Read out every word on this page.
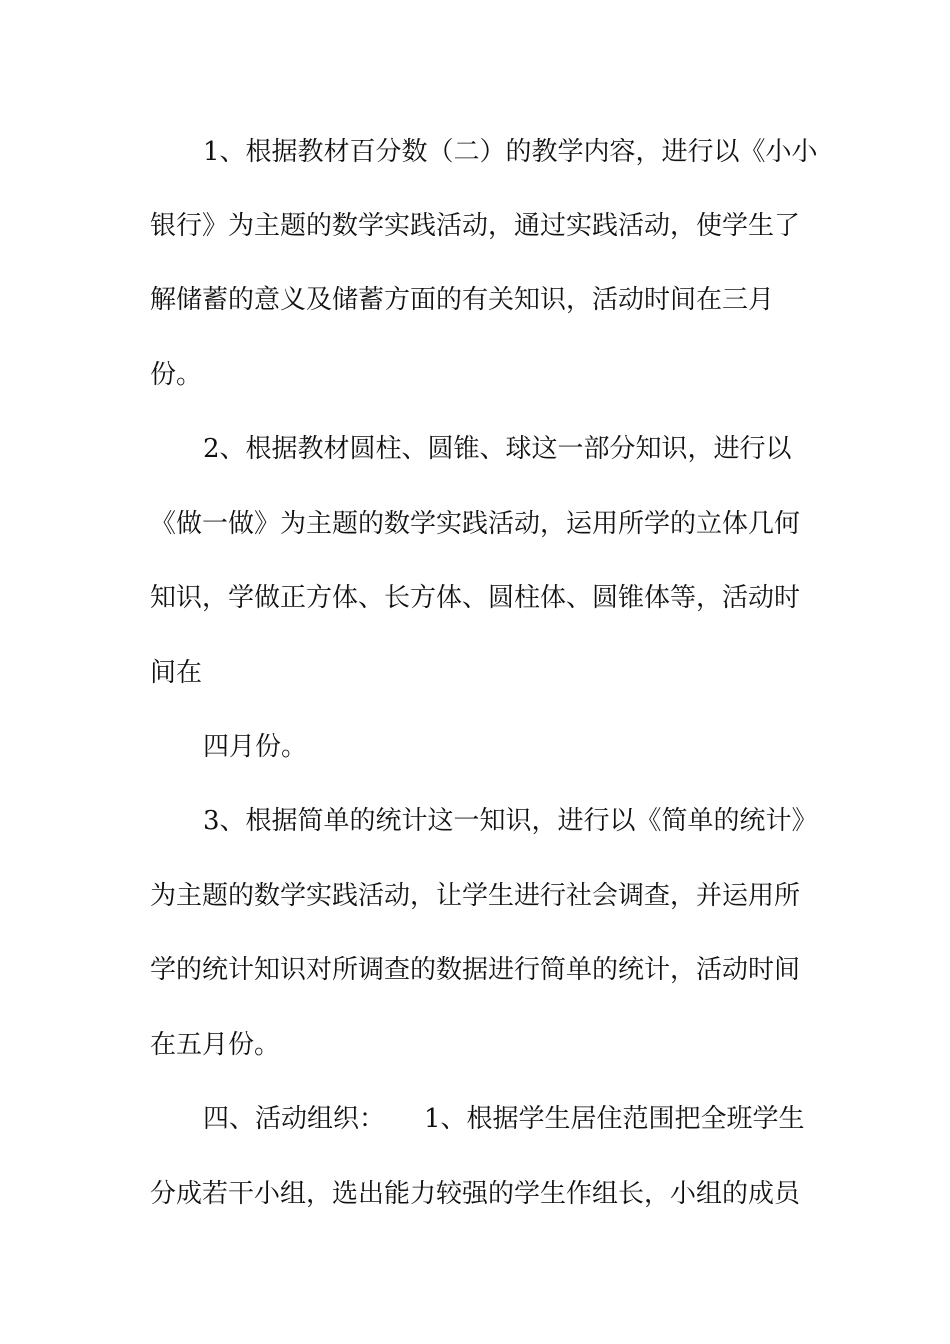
1、根据教材百分数（二）的教学内容，进行以《小小
银行》为主题的数学实践活动，通过实践活动，使学生了
解储蓄的意义及储蓄方面的有关知识，活动时间在三月
份。
2、根据教材圆柱、圆锥、球这一部分知识，进行以
《做一做》为主题的数学实践活动，运用所学的立体几何
知识，学做正方体、长方体、圆柱体、圆锥体等，活动时
间在
四月份。
3、根据简单的统计这一知识，进行以《简单的统计》
为主题的数学实践活动，让学生进行社会调查，并运用所
学的统计知识对所调查的数据进行简单的统计，活动时间
在五月份。
四、活动组织：　　1、根据学生居住范围把全班学生
分成若干小组，选出能力较强的学生作组长，小组的成员
